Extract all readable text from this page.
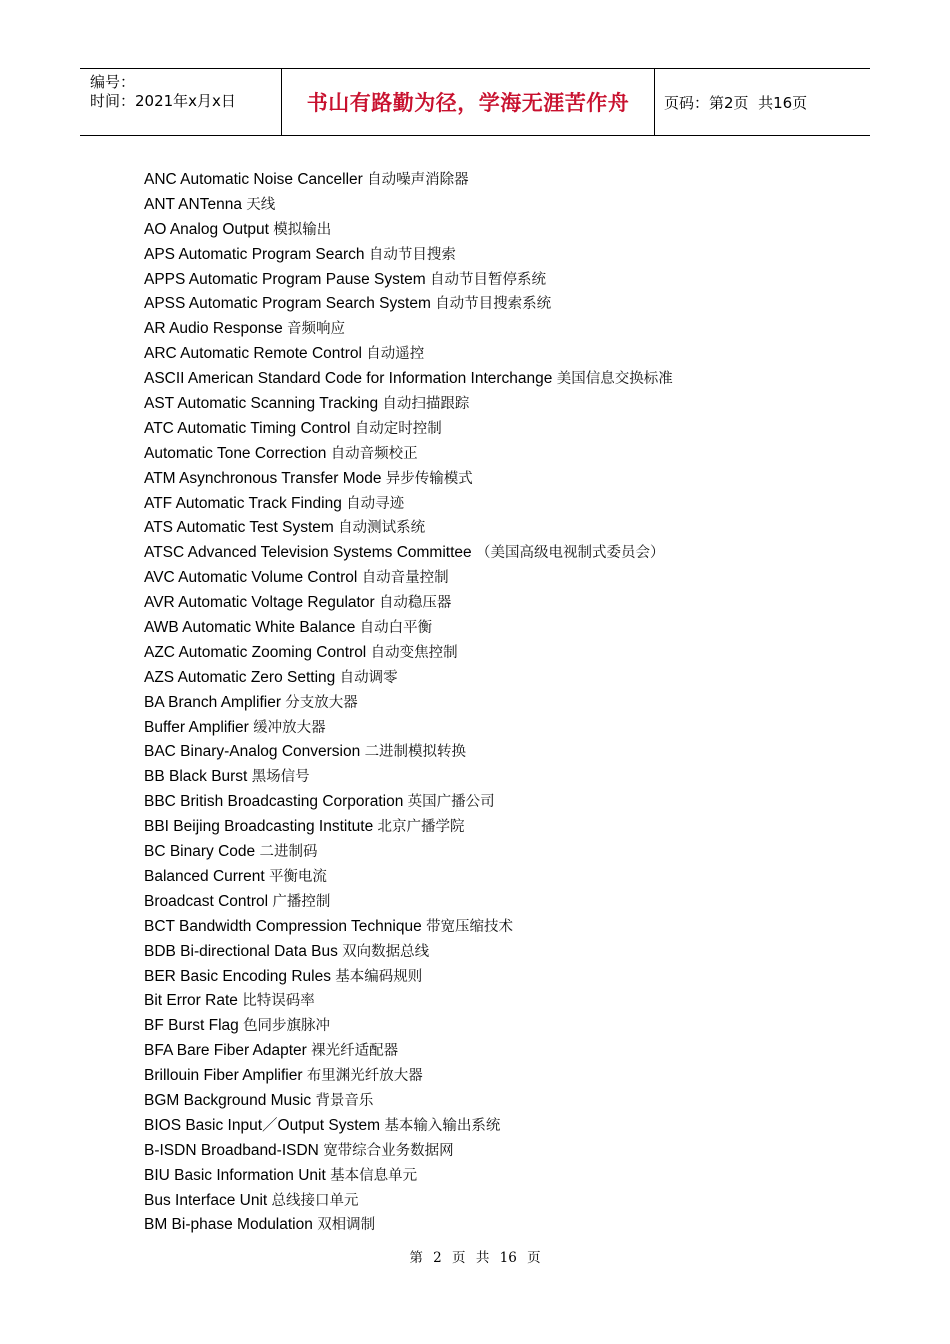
编号：
时间：2021年x月x日	书山有路勤为径，学海无涯苦作舟	页码：第2页  共16页
ANC Automatic Noise Canceller 自动噪声消除器
ANT ANTenna 天线
AO Analog Output 模拟输出
APS Automatic Program Search 自动节目搜索
APPS Automatic Program Pause System 自动节目暂停系统
APSS Automatic Program Search System 自动节目搜索系统
AR Audio Response 音频响应
ARC Automatic Remote Control 自动遥控
ASCII American Standard Code for Information Interchange 美国信息交换标准
AST Automatic Scanning Tracking 自动扫描跟踪
ATC Automatic Timing Control 自动定时控制
Automatic Tone Correction 自动音频校正
ATM Asynchronous Transfer Mode 异步传输模式
ATF Automatic Track Finding 自动寻迹
ATS Automatic Test System 自动测试系统
ATSC Advanced Television Systems Committee （美国高级电视制式委员会）
AVC Automatic Volume Control 自动音量控制
AVR Automatic Voltage Regulator 自动稳压器
AWB Automatic White Balance 自动白平衡
AZC Automatic Zooming Control 自动变焦控制
AZS Automatic Zero Setting 自动调零
BA Branch Amplifier 分支放大器
Buffer Amplifier 缓冲放大器
BAC Binary-Analog Conversion 二进制模拟转换
BB Black Burst 黑场信号
BBC British Broadcasting Corporation 英国广播公司
BBI Beijing Broadcasting Institute 北京广播学院
BC Binary Code 二进制码
Balanced Current 平衡电流
Broadcast Control 广播控制
BCT Bandwidth Compression Technique 带宽压缩技术
BDB Bi-directional Data Bus 双向数据总线
BER Basic Encoding Rules 基本编码规则
Bit Error Rate 比特误码率
BF Burst Flag 色同步旗脉冲
BFA Bare Fiber Adapter 裸光纤适配器
Brillouin Fiber Amplifier 布里渊光纤放大器
BGM Background Music 背景音乐
BIOS Basic Input／Output System 基本输入输出系统
B-ISDN Broadband-ISDN 宽带综合业务数据网
BIU Basic Information Unit 基本信息单元
Bus Interface Unit 总线接口单元
BM Bi-phase Modulation 双相调制
第 2 页 共 16 页
